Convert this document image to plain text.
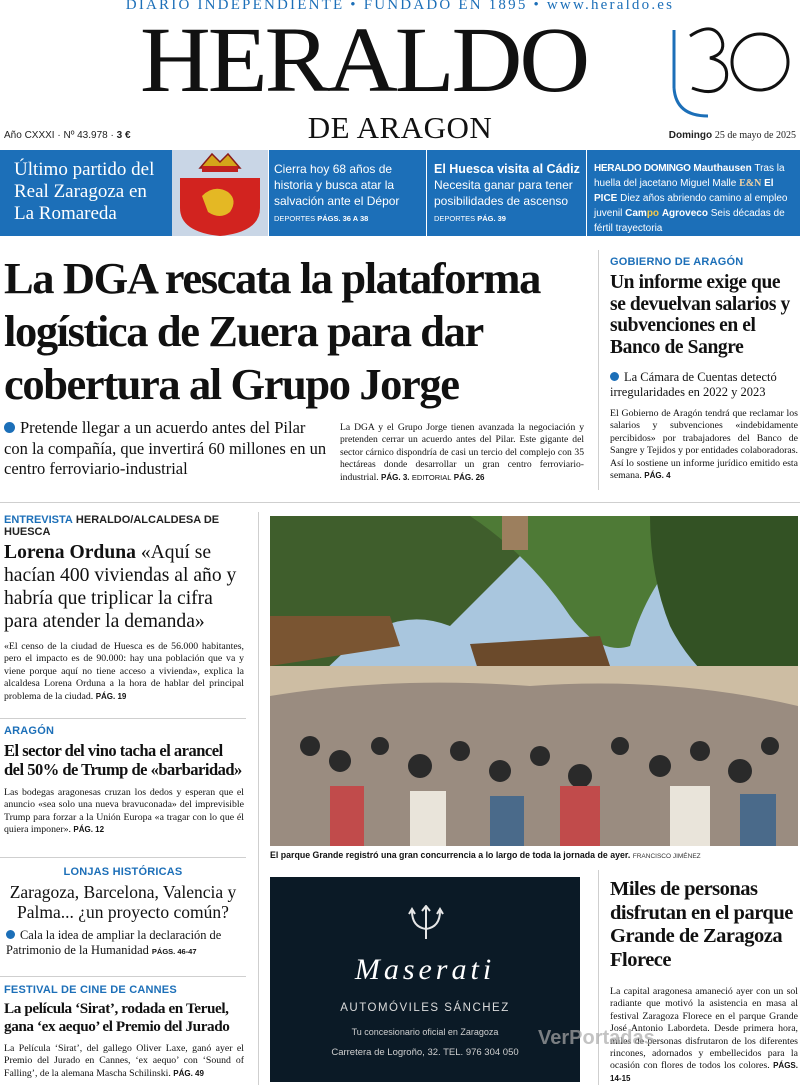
DIARIO INDEPENDIENTE • FUNDADO EN 1895 • www.heraldo.es
HERALDO
DE ARAGON
Año CXXXI · Nº 43.978 · 3 €	Domingo 25 de mayo de 2025
Último partido del Real Zaragoza en La Romareda

Cierra hoy 68 años de historia y busca atar la salvación ante el Dépor

DEPORTES PÁGS. 36 A 38

El Huesca visita al Cádiz

Necesita ganar para tener posibilidades de ascenso

DEPORTES PÁG. 39

HERALDO DOMINGO Mauthausen Tras la huella del jacetano Miguel Malle E&N El PICE Diez años abriendo camino al empleo juvenil Campo Agroveco Seis décadas de fértil trayectoria
La DGA rescata la plataforma logística de Zuera para dar cobertura al Grupo Jorge

Pretende llegar a un acuerdo antes del Pilar con la compañía, que invertirá 60 millones en un centro ferroviario-industrial

La DGA y el Grupo Jorge tienen avanzada la negociación y pretenden cerrar un acuerdo antes del Pilar. Este gigante del sector cárnico dispondría de casi un tercio del complejo con 35 hectáreas donde desarrollar un gran centro ferroviario-industrial. PÁG. 3. EDITORIAL PÁG. 26

GOBIERNO DE ARAGÓN
Un informe exige que se devuelvan salarios y subvenciones en el Banco de Sangre

La Cámara de Cuentas detectó irregularidades en 2022 y 2023

El Gobierno de Aragón tendrá que reclamar los salarios y subvenciones «indebidamente percibidos» por trabajadores del Banco de Sangre y Tejidos y por entidades colaboradoras. Así lo sostiene un informe jurídico emitido esta semana. PÁG. 4

ENTREVISTA HERALDO/ALCALDESA DE HUESCA

Lorena Orduna «Aquí se hacían 400 viviendas al año y habría que triplicar la cifra para atender la demanda»

«El censo de la ciudad de Huesca es de 56.000 habitantes, pero el impacto es de 90.000: hay una población que va y viene porque aquí no tiene acceso a vivienda», explica la alcaldesa Lorena Orduna a la hora de hablar del principal problema de la ciudad. PÁG. 19

ARAGÓN
El sector del vino tacha el arancel del 50% de Trump de «barbaridad»

Las bodegas aragonesas cruzan los dedos y esperan que el anuncio «sea solo una nueva bravuconada» del imprevisible Trump para forzar a la Unión Europa «a tragar con lo que él quiera imponer». PÁG. 12

LONJAS HISTÓRICAS
Zaragoza, Barcelona, Valencia y Palma... ¿un proyecto común?

Cala la idea de ampliar la declaración de Patrimonio de la Humanidad PÁGS. 46-47

FESTIVAL DE CINE DE CANNES
La película ‘Sirat’, rodada en Teruel, gana ‘ex aequo’ el Premio del Jurado

La Película ‘Sirat’, del gallego Oliver Laxe, ganó ayer el Premio del Jurado en Cannes, ‘ex aequo’ con ‘Sound of Falling’, de la alemana Mascha Schilinski. PÁG. 49

El parque Grande registró una gran concurrencia a lo largo de toda la jornada de ayer. FRANCISCO JIMÉNEZ

Maserati
AUTOMÓVILES SÁNCHEZ
Tu concesionario oficial en Zaragoza
Carretera de Logroño, 32. TEL. 976 304 050
Miles de personas disfrutan en el parque Grande de Zaragoza Florece

La capital aragonesa amaneció ayer con un sol radiante que motivó la asistencia en masa al festival Zaragoza Florece en el parque Grande José Antonio Labordeta. Desde primera hora, miles de personas disfrutaron de los diferentes rincones, adornados y embellecidos para la ocasión con flores de todos los colores. PÁGS. 14-15

VerPortadas
